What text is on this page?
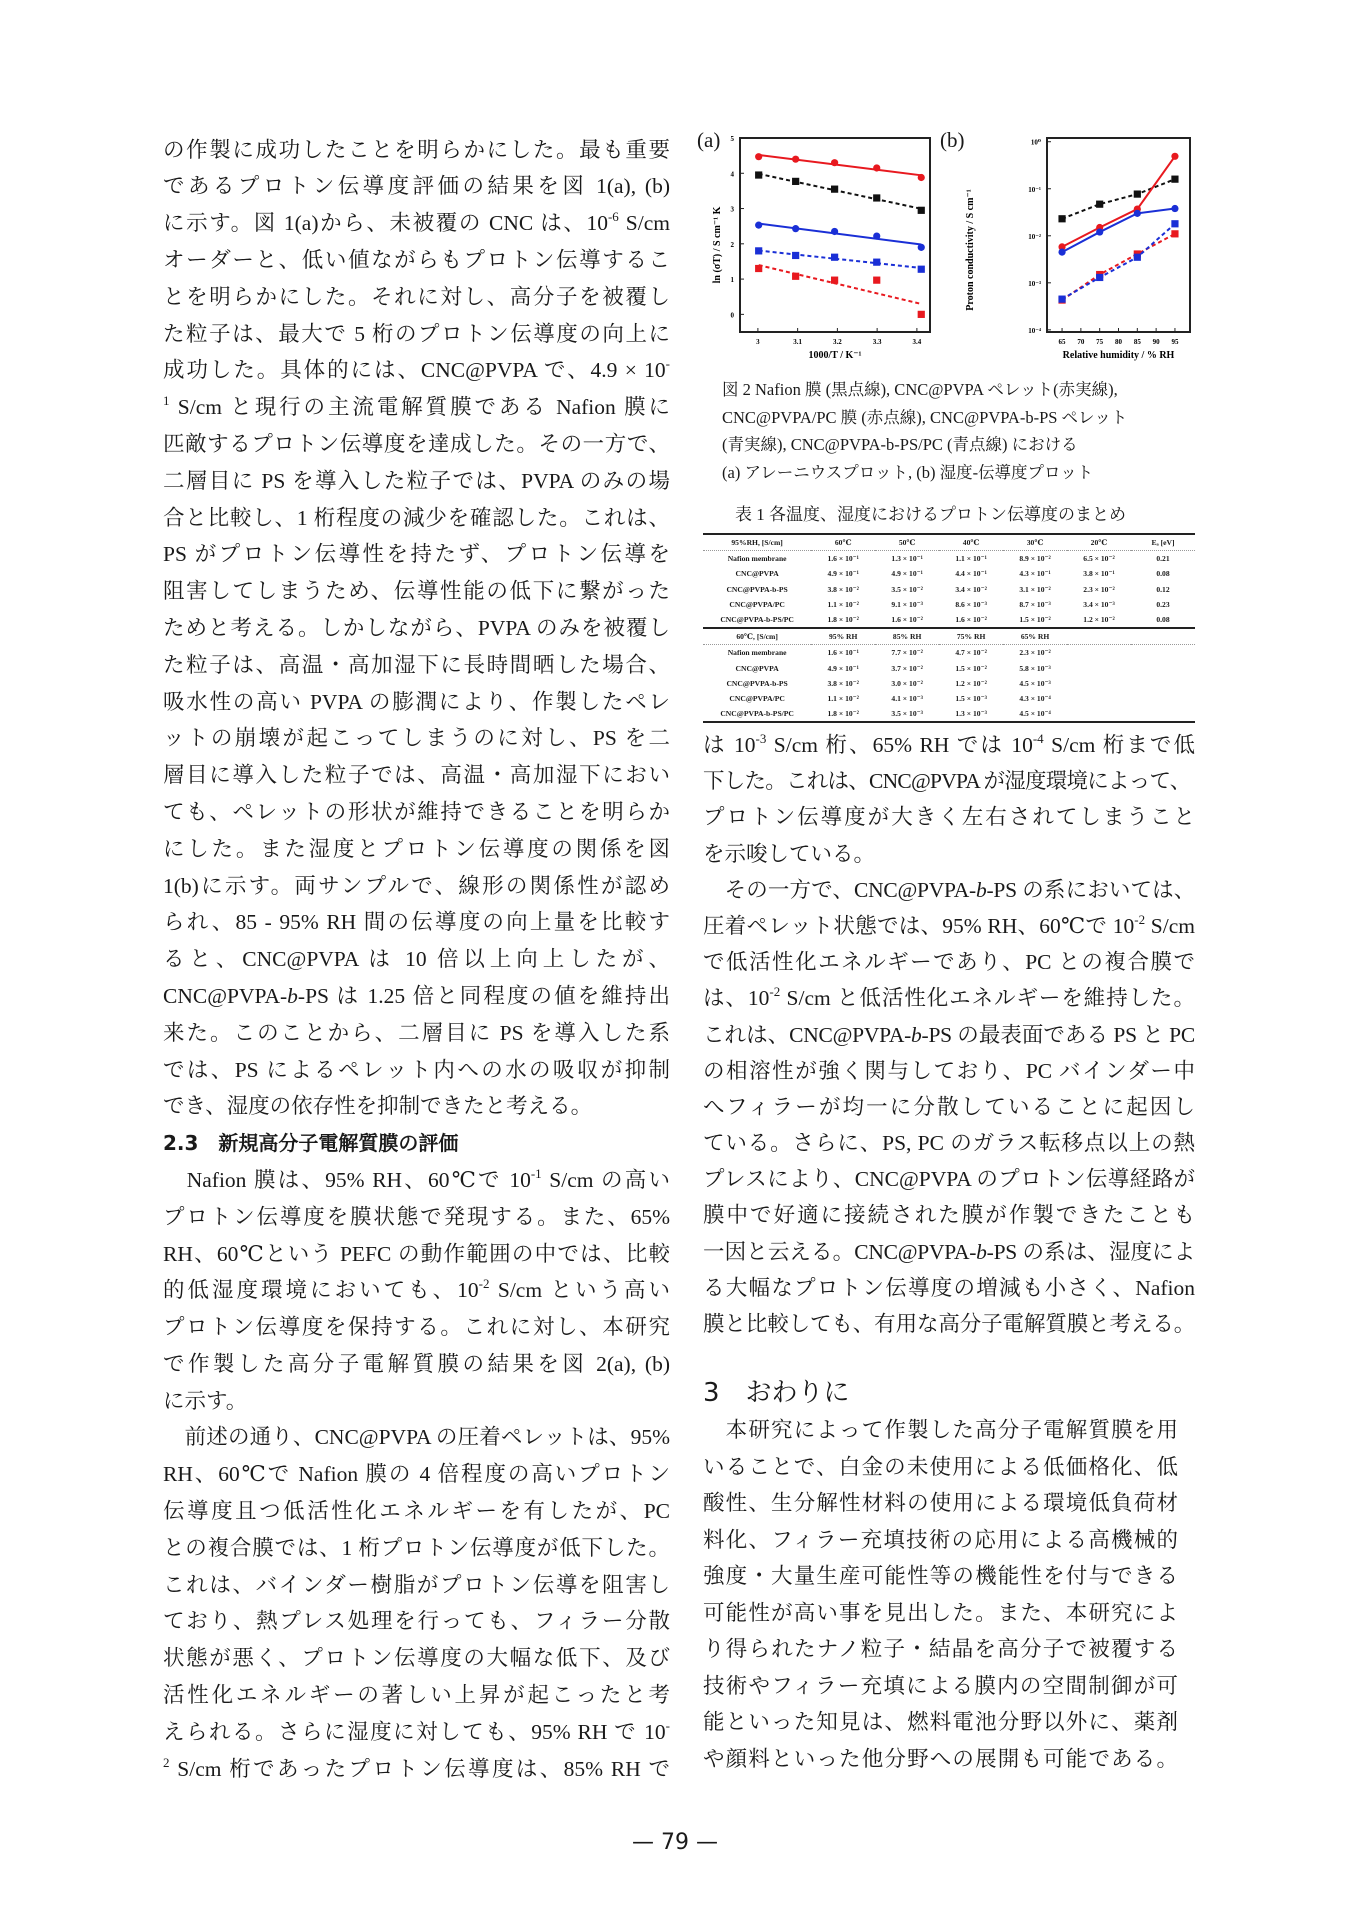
の作製に成功したことを明らかにした。最も重要
であるプロトン伝導度評価の結果を図 1(a), (b)
に示す。図 1(a)から、未被覆の CNC は、$10^{-6}$ S/cm
オーダーと、低い値ながらもプロトン伝導するこ
とを明らかにした。それに対し、高分子を被覆し
た粒子は、最大で 5 桁のプロトン伝導度の向上に
成功した。具体的には、CNC@PVPA で、4.9 × 10-
$^1$ S/cm と現行の主流電解質膜である Nafion 膜に
匹敵するプロトン伝導度を達成した。その一方で、
二層目に PS を導入した粒子では、PVPA のみの場
合と比較し、1 桁程度の減少を確認した。これは、
PS がプロトン伝導性を持たず、プロトン伝導を
阻害してしまうため、伝導性能の低下に繋がった
ためと考える。しかしながら、PVPA のみを被覆し
た粒子は、高温・高加湿下に長時間晒した場合、
吸水性の高い PVPA の膨潤により、作製したペレ
ットの崩壊が起こってしまうのに対し、PS を二
層目に導入した粒子では、高温・高加湿下におい
ても、ペレットの形状が維持できることを明らか
にした。また湿度とプロトン伝導度の関係を図
1(b)に示す。両サンプルで、線形の関係性が認め
られ、85 - 95% RH 間の伝導度の向上量を比較す
ると、CNC@PVPA は 10 倍以上向上したが、
CNC@PVPA-b-PS は 1.25 倍と同程度の値を維持出
来た。このことから、二層目に PS を導入した系
では、PS によるペレット内への水の吸収が抑制
でき、湿度の依存性を抑制できたと考える。
2.3　新規高分子電解質膜の評価
　Nafion 膜は、95% RH、60℃で $10^{-1}$ S/cm の高い
プロトン伝導度を膜状態で発現する。また、65%
RH、60℃という PEFC の動作範囲の中では、比較
的低湿度環境においても、$10^{-2}$ S/cm という高い
プロトン伝導度を保持する。これに対し、本研究
で作製した高分子電解質膜の結果を図 2(a), (b)
に示す。
　前述の通り、CNC@PVPA の圧着ペレットは、95%
RH、60℃で Nafion 膜の 4 倍程度の高いプロトン
伝導度且つ低活性化エネルギーを有したが、PC
との複合膜では、1 桁プロトン伝導度が低下した。
これは、バインダー樹脂がプロトン伝導を阻害し
ており、熱プレス処理を行っても、フィラー分散
状態が悪く、プロトン伝導度の大幅な低下、及び
活性化エネルギーの著しい上昇が起こったと考
えられる。さらに湿度に対しても、95% RH で 10-
$^2$ S/cm 桁であったプロトン伝導度は、85% RH で
(a)
3	3.1	3.2	3.3	3.4
0
1
2
3
4
5
1000/T / K⁻¹
ln (σT) / S cm⁻¹ K
(b)
65 70 75 80 85 90 95
10⁻⁴
10⁻³
10⁻²
10⁻¹
10⁰
Relative humidity / % RH
Proton conductivity / S cm⁻¹
図 2 Nafion 膜 (黒点線), CNC@PVPA ペレット(赤実線),
CNC@PVPA/PC 膜 (赤点線), CNC@PVPA-b-PS ペレット
(青実線), CNC@PVPA-b-PS/PC (青点線) における
(a) アレーニウスプロット, (b) 湿度-伝導度プロット
表 1 各温度、湿度におけるプロトン伝導度のまとめ
95%RH, [S/cm]	60℃	50℃	40℃	30℃	20℃	Eₐ [eV]
Nafion membrane	1.6 × 10⁻¹	1.3 × 10⁻¹	1.1 × 10⁻¹	8.9 × 10⁻²	6.5 × 10⁻²	0.21
CNC@PVPA	4.9 × 10⁻¹	4.9 × 10⁻¹	4.4 × 10⁻¹	4.3 × 10⁻¹	3.8 × 10⁻¹	0.08
CNC@PVPA-b-PS	3.8 × 10⁻²	3.5 × 10⁻²	3.4 × 10⁻²	3.1 × 10⁻²	2.3 × 10⁻²	0.12
CNC@PVPA/PC	1.1 × 10⁻²	9.1 × 10⁻³	8.6 × 10⁻³	8.7 × 10⁻³	3.4 × 10⁻³	0.23
CNC@PVPA-b-PS/PC	1.8 × 10⁻²	1.6 × 10⁻²	1.6 × 10⁻²	1.5 × 10⁻²	1.2 × 10⁻²	0.08
60℃, [S/cm]	95% RH	85% RH	75% RH	65% RH		
Nafion membrane	1.6 × 10⁻¹	7.7 × 10⁻²	4.7 × 10⁻²	2.3 × 10⁻²		
CNC@PVPA	4.9 × 10⁻¹	3.7 × 10⁻²	1.5 × 10⁻²	5.8 × 10⁻³		
CNC@PVPA-b-PS	3.8 × 10⁻²	3.0 × 10⁻²	1.2 × 10⁻²	4.5 × 10⁻³		
CNC@PVPA/PC	1.1 × 10⁻²	4.1 × 10⁻³	1.5 × 10⁻³	4.3 × 10⁻⁴		
CNC@PVPA-b-PS/PC	1.8 × 10⁻²	3.5 × 10⁻³	1.3 × 10⁻³	4.5 × 10⁻⁴		
は $10^{-3}$ S/cm 桁、65% RH では $10^{-4}$ S/cm 桁まで低
下した。これは、CNC@PVPA が湿度環境によって、
プロトン伝導度が大きく左右されてしまうこと
を示唆している。
　その一方で、CNC@PVPA-b-PS の系においては、
圧着ペレット状態では、95% RH、60℃で $10^{-2}$ S/cm
で低活性化エネルギーであり、PC との複合膜で
は、$10^{-2}$ S/cm と低活性化エネルギーを維持した。
これは、CNC@PVPA-b-PS の最表面である PS と PC
の相溶性が強く関与しており、PC バインダー中
へフィラーが均一に分散していることに起因し
ている。さらに、PS, PC のガラス転移点以上の熱
プレスにより、CNC@PVPA のプロトン伝導経路が
膜中で好適に接続された膜が作製できたことも
一因と云える。CNC@PVPA-b-PS の系は、湿度によ
る大幅なプロトン伝導度の増減も小さく、Nafion
膜と比較しても、有用な高分子電解質膜と考える。
3　おわりに
　本研究によって作製した高分子電解質膜を用
いることで、白金の未使用による低価格化、低
酸性、生分解性材料の使用による環境低負荷材
料化、フィラー充填技術の応用による高機械的
強度・大量生産可能性等の機能性を付与できる
可能性が高い事を見出した。また、本研究によ
り得られたナノ粒子・結晶を高分子で被覆する
技術やフィラー充填による膜内の空間制御が可
能といった知見は、燃料電池分野以外に、薬剤
や顔料といった他分野への展開も可能である。
— 79 —
